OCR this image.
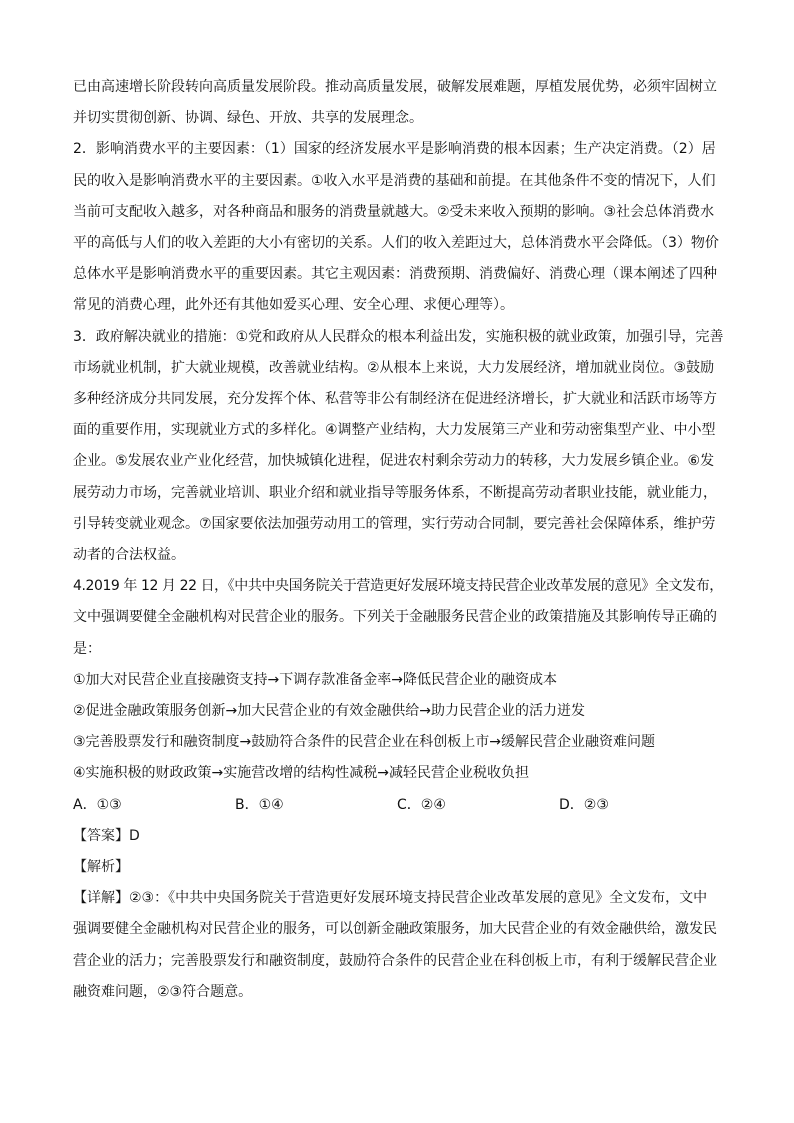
已由高速增长阶段转向高质量发展阶段。推动高质量发展，破解发展难题，厚植发展优势，必须牢固树立
并切实贯彻创新、协调、绿色、开放、共享的发展理念。
2．影响消费水平的主要因素：（1）国家的经济发展水平是影响消费的根本因素；生产决定消费。（2）居
民的收入是影响消费水平的主要因素。①收入水平是消费的基础和前提。在其他条件不变的情况下，人们
当前可支配收入越多，对各种商品和服务的消费量就越大。②受未来收入预期的影响。③社会总体消费水
平的高低与人们的收入差距的大小有密切的关系。人们的收入差距过大，总体消费水平会降低。（3）物价
总体水平是影响消费水平的重要因素。其它主观因素：消费预期、消费偏好、消费心理（课本阐述了四种
常见的消费心理，此外还有其他如爱买心理、安全心理、求便心理等）。
3．政府解决就业的措施：①党和政府从人民群众的根本利益出发，实施积极的就业政策，加强引导，完善
市场就业机制，扩大就业规模，改善就业结构。②从根本上来说，大力发展经济，增加就业岗位。③鼓励
多种经济成分共同发展，充分发挥个体、私营等非公有制经济在促进经济增长，扩大就业和活跃市场等方
面的重要作用，实现就业方式的多样化。④调整产业结构，大力发展第三产业和劳动密集型产业、中小型
企业。⑤发展农业产业化经营，加快城镇化进程，促进农村剩余劳动力的转移，大力发展乡镇企业。⑥发
展劳动力市场，完善就业培训、职业介绍和就业指导等服务体系，不断提高劳动者职业技能，就业能力，
引导转变就业观念。⑦国家要依法加强劳动用工的管理，实行劳动合同制，要完善社会保障体系，维护劳
动者的合法权益。
4.2019 年 12 月 22 日，《中共中央国务院关于营造更好发展环境支持民营企业改革发展的意见》全文发布，
文中强调要健全金融机构对民营企业的服务。下列关于金融服务民营企业的政策措施及其影响传导正确的
是：
①加大对民营企业直接融资支持→下调存款准备金率→降低民营企业的融资成本
②促进金融政策服务创新→加大民营企业的有效金融供给→助力民营企业的活力迸发
③完善股票发行和融资制度→鼓励符合条件的民营企业在科创板上市→缓解民营企业融资难问题
④实施积极的财政政策→实施营改增的结构性减税→减轻民营企业税收负担
A．①③	B．①④	C．②④	D．②③

【答案】D

【解析】

【详解】②③：《中共中央国务院关于营造更好发展环境支持民营企业改革发展的意见》全文发布，文中
强调要健全金融机构对民营企业的服务，可以创新金融政策服务，加大民营企业的有效金融供给，激发民
营企业的活力；完善股票发行和融资制度，鼓励符合条件的民营企业在科创板上市，有利于缓解民营企业
融资难问题，②③符合题意。
